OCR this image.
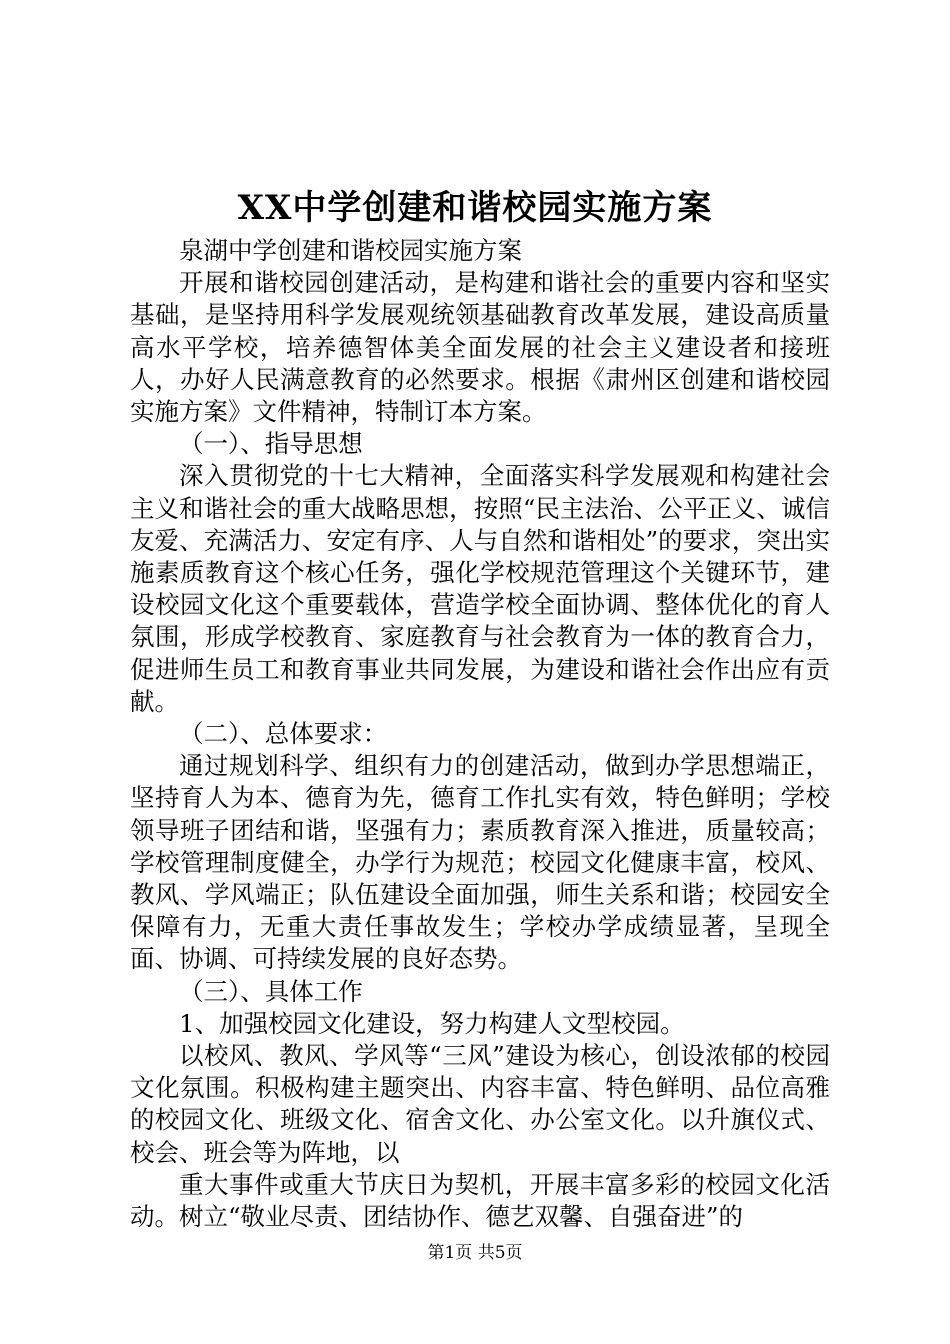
XX中学创建和谐校园实施方案

泉湖中学创建和谐校园实施方案

开展和谐校园创建活动，是构建和谐社会的重要内容和坚实基础，是坚持用科学发展观统领基础教育改革发展，建设高质量高水平学校，培养德智体美全面发展的社会主义建设者和接班人，办好人民满意教育的必然要求。根据《肃州区创建和谐校园实施方案》文件精神，特制订本方案。

（一）、指导思想

深入贯彻党的十七大精神，全面落实科学发展观和构建社会主义和谐社会的重大战略思想，按照“民主法治、公平正义、诚信友爱、充满活力、安定有序、人与自然和谐相处”的要求，突出实施素质教育这个核心任务，强化学校规范管理这个关键环节，建设校园文化这个重要载体，营造学校全面协调、整体优化的育人氛围，形成学校教育、家庭教育与社会教育为一体的教育合力，促进师生员工和教育事业共同发展，为建设和谐社会作出应有贡献。

（二）、总体要求：

通过规划科学、组织有力的创建活动，做到办学思想端正，坚持育人为本、德育为先，德育工作扎实有效，特色鲜明；学校领导班子团结和谐，坚强有力；素质教育深入推进，质量较高；学校管理制度健全，办学行为规范；校园文化健康丰富，校风、教风、学风端正；队伍建设全面加强，师生关系和谐；校园安全保障有力，无重大责任事故发生；学校办学成绩显著，呈现全面、协调、可持续发展的良好态势。

（三）、具体工作

1、加强校园文化建设，努力构建人文型校园。

以校风、教风、学风等“三风”建设为核心，创设浓郁的校园文化氛围。积极构建主题突出、内容丰富、特色鲜明、品位高雅的校园文化、班级文化、宿舍文化、办公室文化。以升旗仪式、校会、班会等为阵地，以

重大事件或重大节庆日为契机，开展丰富多彩的校园文化活动。树立“敬业尽责、团结协作、德艺双馨、自强奋进”的

第1页 共5页
